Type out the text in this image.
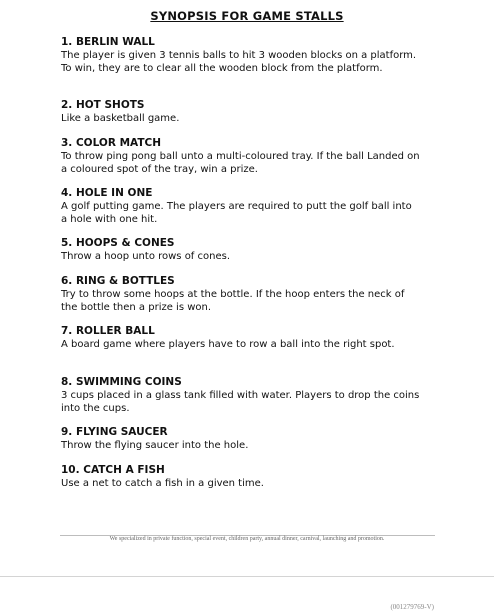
SYNOPSIS FOR GAME STALLS

1. BERLIN WALL

The player is given 3 tennis balls to hit 3 wooden blocks on a platform. To win, they are to clear all the wooden block from the platform.

2. HOT SHOTS

Like a basketball game.

3. COLOR MATCH

To throw ping pong ball unto a multi-coloured tray. If the ball Landed on a coloured spot of the tray, win a prize.

4. HOLE IN ONE

A golf putting game. The players are required to putt the golf ball into a hole with one hit.

5. HOOPS & CONES

Throw a hoop unto rows of cones.

6. RING & BOTTLES

Try to throw some hoops at the bottle. If the hoop enters the neck of the bottle then a prize is won.

7. ROLLER BALL

A board game where players have to row a ball into the right spot.

8. SWIMMING COINS

3 cups placed in a glass tank filled with water. Players to drop the coins into the cups.

9. FLYING SAUCER

Throw the flying saucer into the hole.

10. CATCH A FISH

Use a net to catch a fish in a given time.

We specialized in private function, special event, children party, annual dinner, carnival, launching and promotion.
(001279769-V)
